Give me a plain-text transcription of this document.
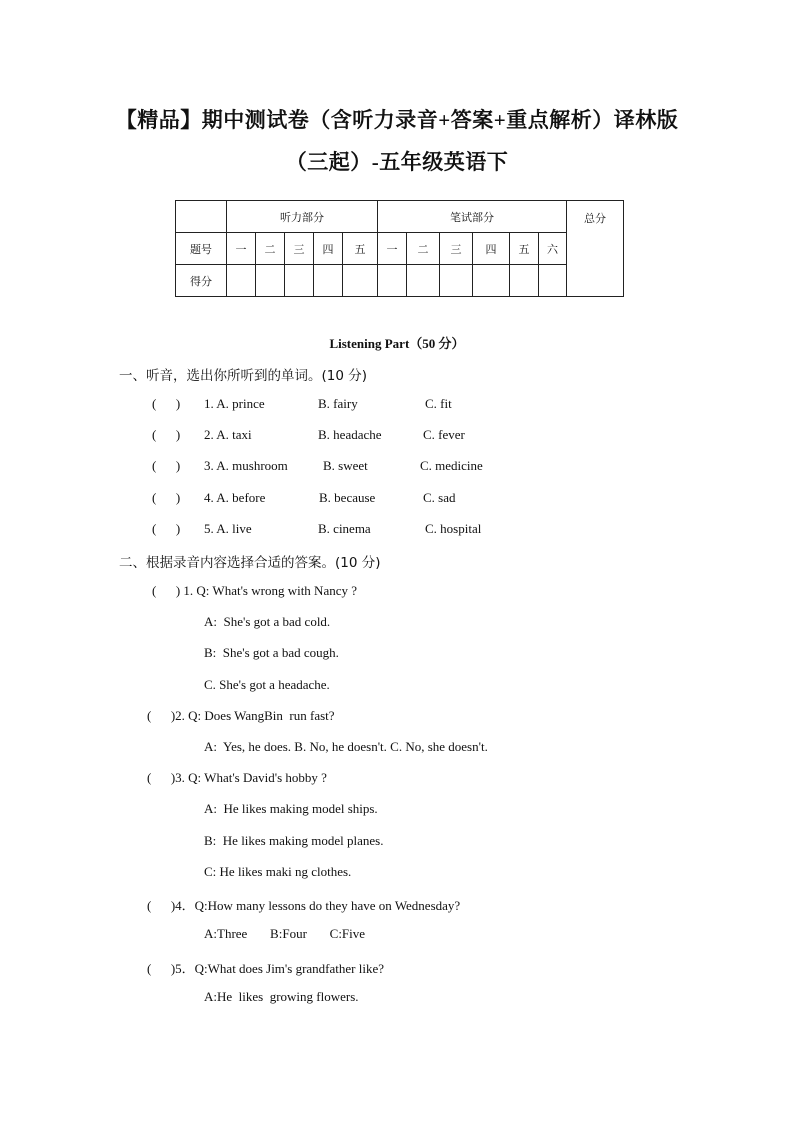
【精品】期中测试卷（含听力录音+答案+重点解析）译林版
（三起）-五年级英语下
	听力部分					笔试部分						总分
题号	一	二	三	四	五	一	二	三	四	五	六	
得分												
Listening Part（50 分）
一、听音，选出你所听到的单词。(10 分)
(      ) 1. A. prince	B. fairy	C. fit
(      ) 2. A. taxi	B. headache	C. fever
(      ) 3. A. mushroom	B. sweet	C. medicine
(      ) 4. A. before	B. because	C. sad
(      ) 5. A. live	B. cinema	C. hospital
二、根据录音内容选择合适的答案。(10 分)
(      ) 1. Q: What's wrong with Nancy ?
A:  She's got a bad cold.
B:  She's got a bad cough.
C. She's got a headache.
(      )2. Q: Does WangBin  run fast?
A:  Yes, he does. B. No, he doesn't. C. No, she doesn't.
(      )3. Q: What's David's hobby ?
A:  He likes making model ships.
B:  He likes making model planes.
C: He likes maki ng clothes.
(      )4．Q:How many lessons do they have on Wednesday?
A:Three       B:Four       C:Five
(      )5．Q:What does Jim's grandfather like?
A:He  likes  growing flowers.
